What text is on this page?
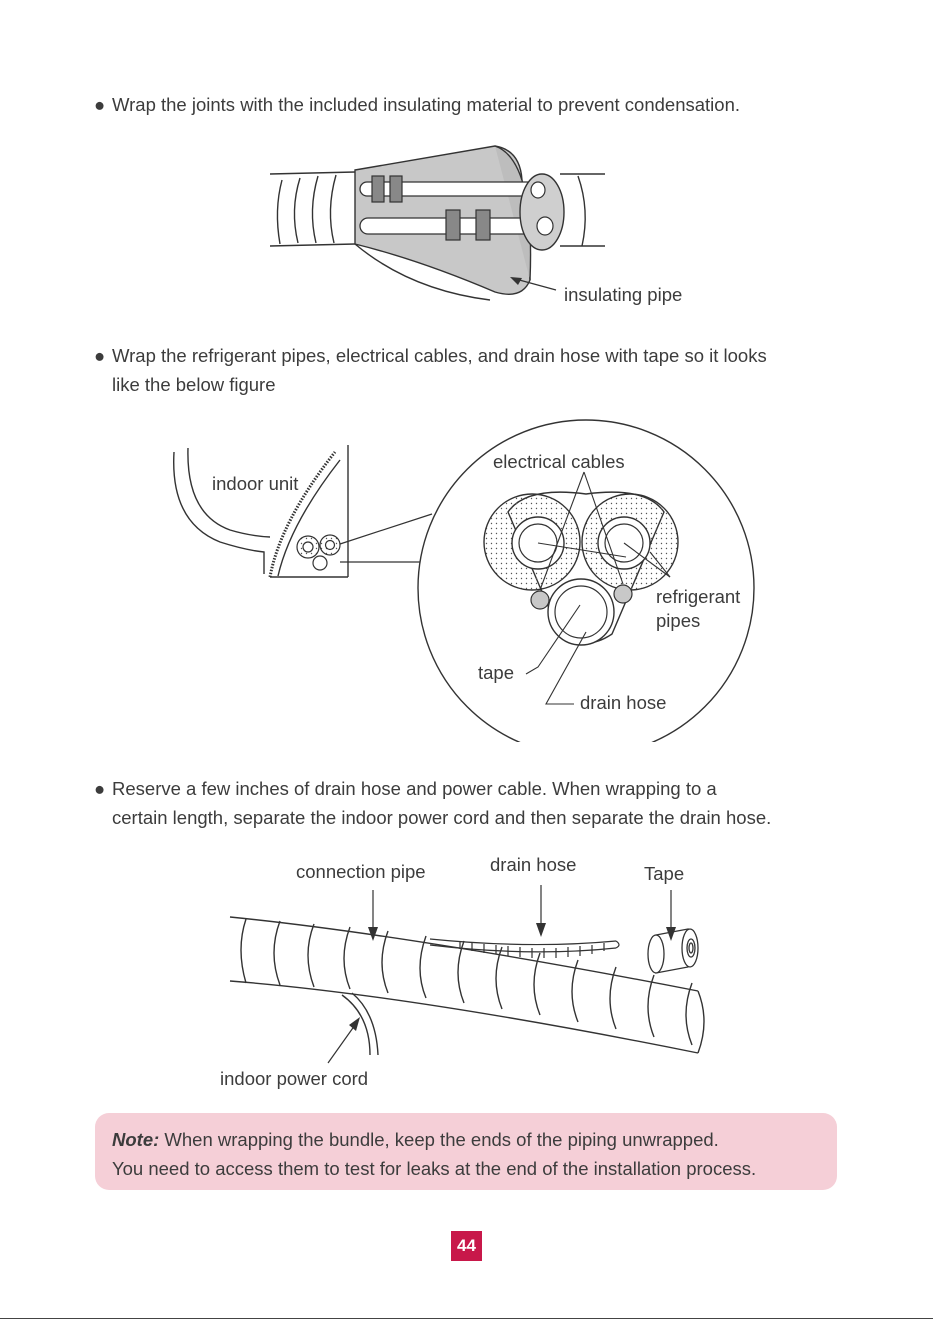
● Wrap the joints with the included insulating material to prevent condensation.
insulating pipe
● Wrap the refrigerant pipes, electrical cables, and drain hose with tape so it looks
like the below figure
indoor unit
electrical cables
refrigerant
pipes
tape
drain hose
● Reserve a few inches of drain hose and power cable. When wrapping to a
certain length, separate the indoor power cord and then separate the drain hose.
connection pipe	drain hose	Tape
indoor power cord
Note: When wrapping the bundle, keep the ends of the piping unwrapped.
You need to access them to test for leaks at the end of the installation process.
44
